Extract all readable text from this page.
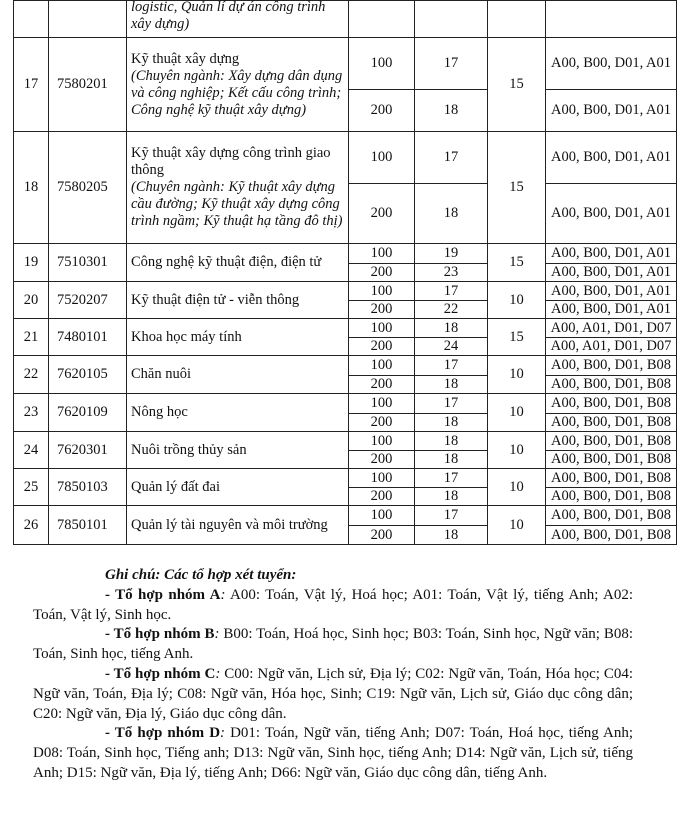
		logistic, Quản lí dự án công trình xây dựng)				

17	7580201	Kỹ thuật xây dựng
(Chuyên ngành: Xây dựng dân dụng và công nghiệp; Kết cấu công trình; Công nghệ kỹ thuật xây dựng)	100	17	15	A00, B00, D01, A01
			200	18		A00, B00, D01, A01
18	7580205	Kỹ thuật xây dựng công trình giao thông
(Chuyên ngành: Kỹ thuật xây dựng cầu đường; Kỹ thuật xây dựng công trình ngầm; Kỹ thuật hạ tầng đô thị)	100	17	15	A00, B00, D01, A01
			200	18		A00, B00, D01, A01
19	7510301	Công nghệ kỹ thuật điện, điện tử	100	19	15	A00, B00, D01, A01
			200	23		A00, B00, D01, A01
20	7520207	Kỹ thuật điện tử - viễn thông	100	17	10	A00, B00, D01, A01
			200	22		A00, B00, D01, A01
21	7480101	Khoa học máy tính	100	18	15	A00, A01, D01, D07
			200	24		A00, A01, D01, D07
22	7620105	Chăn nuôi	100	17	10	A00, B00, D01, B08
			200	18		A00, B00, D01, B08
23	7620109	Nông học	100	17	10	A00, B00, D01, B08
			200	18		A00, B00, D01, B08
24	7620301	Nuôi trồng thủy sản	100	18	10	A00, B00, D01, B08
			200	18		A00, B00, D01, B08
25	7850103	Quản lý đất đai	100	17	10	A00, B00, D01, B08
			200	18		A00, B00, D01, B08
26	7850101	Quản lý tài nguyên và môi trường	100	17	10	A00, B00, D01, B08
			200	18		A00, B00, D01, B08

Ghi chú: Các tổ hợp xét tuyển:

- Tổ hợp nhóm A: A00: Toán, Vật lý, Hoá học; A01: Toán, Vật lý, tiếng Anh; A02: Toán, Vật lý, Sinh học.

- Tổ hợp nhóm B: B00: Toán, Hoá học, Sinh học; B03: Toán, Sinh học, Ngữ văn; B08: Toán, Sinh học, tiếng Anh.

- Tổ hợp nhóm C: C00: Ngữ văn, Lịch sử, Địa lý; C02: Ngữ văn, Toán, Hóa học; C04: Ngữ văn, Toán, Địa lý; C08: Ngữ văn, Hóa học, Sinh; C19: Ngữ văn, Lịch sử, Giáo dục công dân; C20: Ngữ văn, Địa lý, Giáo dục công dân.

- Tổ hợp nhóm D: D01: Toán, Ngữ văn, tiếng Anh; D07: Toán, Hoá học, tiếng Anh; D08: Toán, Sinh học, Tiếng anh; D13: Ngữ văn, Sinh học, tiếng Anh; D14: Ngữ văn, Lịch sử, tiếng Anh; D15: Ngữ văn, Địa lý, tiếng Anh; D66: Ngữ văn, Giáo dục công dân, tiếng Anh.
